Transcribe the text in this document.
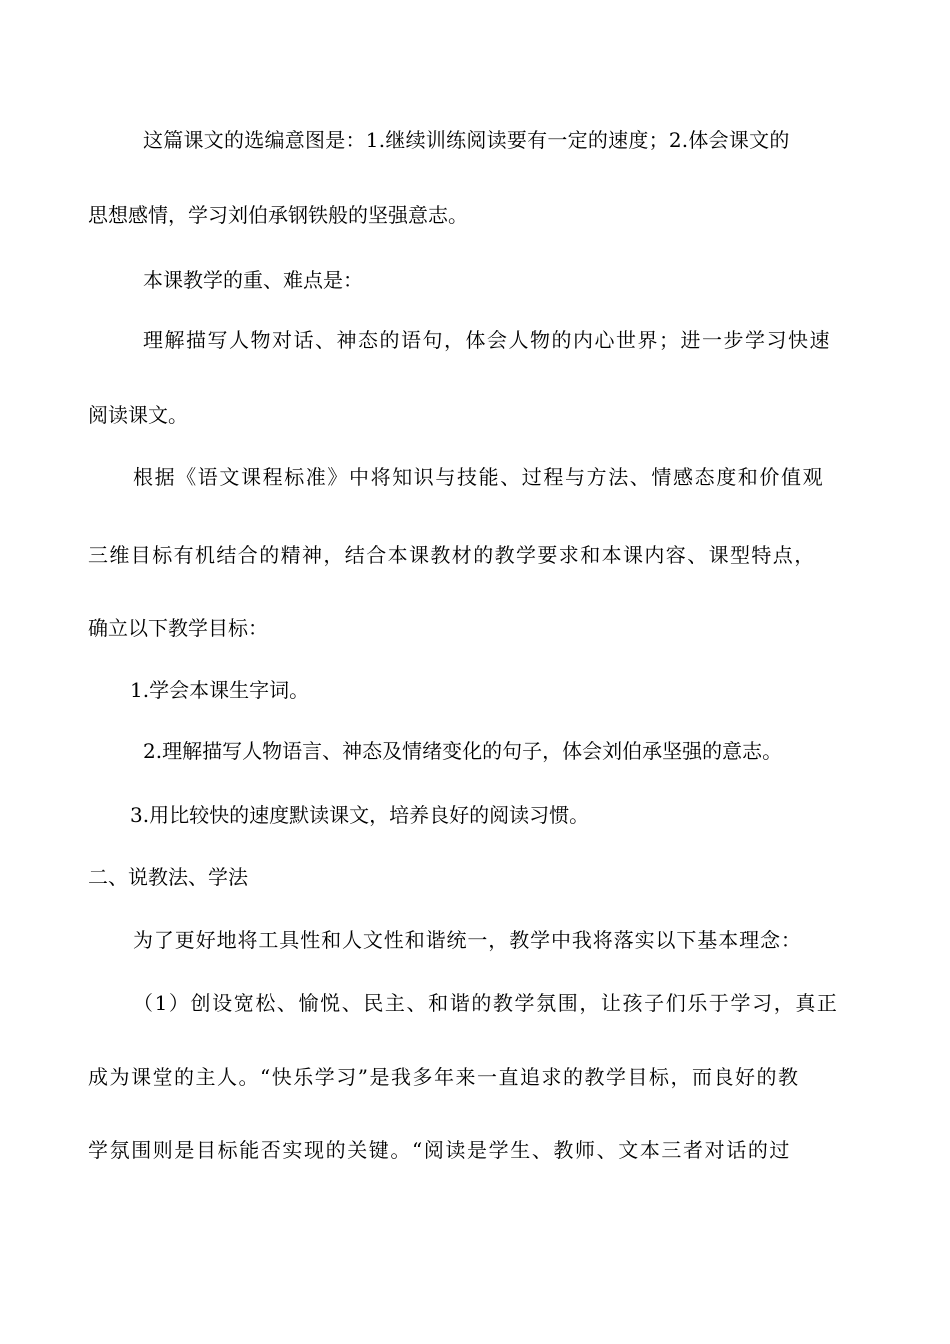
这篇课文的选编意图是：1.继续训练阅读要有一定的速度；2.体会课文的
思想感情，学习刘伯承钢铁般的坚强意志。
本课教学的重、难点是：
理解描写人物对话、神态的语句，体会人物的内心世界；进一步学习快速
阅读课文。
根据《语文课程标准》中将知识与技能、过程与方法、情感态度和价值观
三维目标有机结合的精神，结合本课教材的教学要求和本课内容、课型特点，
确立以下教学目标：
1.学会本课生字词。
2.理解描写人物语言、神态及情绪变化的句子，体会刘伯承坚强的意志。
3.用比较快的速度默读课文，培养良好的阅读习惯。
二、说教法、学法
为了更好地将工具性和人文性和谐统一，教学中我将落实以下基本理念：
（1）创设宽松、愉悦、民主、和谐的教学氛围，让孩子们乐于学习，真正
成为课堂的主人。“快乐学习”是我多年来一直追求的教学目标，而良好的教
学氛围则是目标能否实现的关键。“阅读是学生、教师、文本三者对话的过
